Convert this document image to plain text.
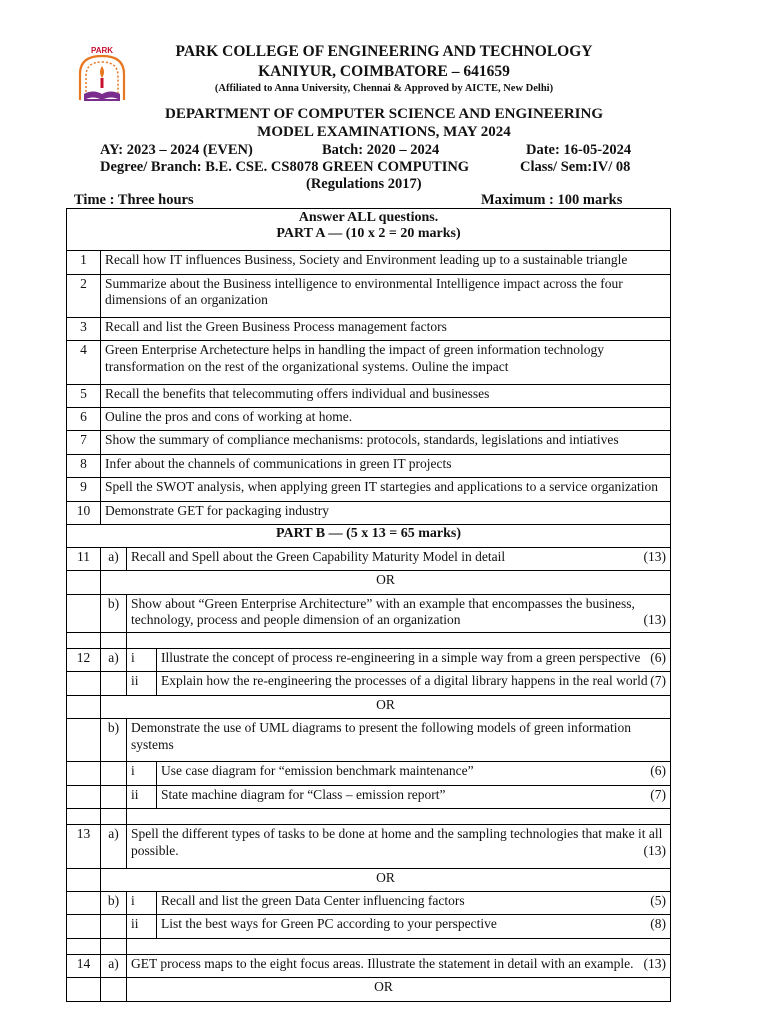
PARK	PARK COLLEGE OF ENGINEERING AND TECHNOLOGY
KANIYUR, COIMBATORE – 641659
(Affiliated to Anna University, Chennai & Approved by AICTE, New Delhi)
DEPARTMENT OF COMPUTER SCIENCE AND ENGINEERING
MODEL EXAMINATIONS, MAY 2024
AY: 2023 – 2024 (EVEN)	Batch: 2020 – 2024	Date: 16-05-2024
Degree/ Branch: B.E. CSE. CS8078 GREEN COMPUTING	Class/ Sem:IV/ 08
(Regulations 2017)
Time : Three hours	Maximum : 100 marks
Answer ALL questions.
PART A — (10 x 2 = 20 marks)			

1	Recall how IT influences Business, Society and Environment leading up to a sustainable triangle		
2	Summarize about the Business intelligence to environmental Intelligence impact across the four dimensions of an organization		
3	Recall and list the Green Business Process management factors		
4	Green Enterprise Archetecture helps in handling the impact of green information technology transformation on the rest of the organizational systems. Ouline the impact		
5	Recall the benefits that telecommuting offers individual and businesses		
6	Ouline the pros and cons of working at home.		
7	Show the summary of compliance mechanisms: protocols, standards, legislations and intiatives		
8	Infer about the channels of communications in green IT projects		
9	Spell the SWOT analysis, when applying green IT startegies and applications to a service organization		
10	Demonstrate GET for packaging industry		
PART B — (5 x 13 = 65 marks)			
11	a)	Recall and Spell about the Green Capability Maturity Model in detail (13)	

	OR		
	b)	Show about “Green Enterprise Architecture” with an example that encompasses the business, technology, process and people dimension of an organization (13)	

12	a)	i	Illustrate the concept of process re-engineering in a simple way from a green perspective (6)

		ii	Explain how the re-engineering the processes of a digital library happens in the real world (7)

	OR		
	b)	Demonstrate the use of UML diagrams to present the following models of green information systems	
		i	Use case diagram for “emission benchmark maintenance” (6)

		ii	State machine diagram for “Class – emission report” (7)

13	a)	Spell the different types of tasks to be done at home and the sampling technologies that make it all possible. (13)	

	OR		
	b)	i	Recall and list the green Data Center influencing factors (5)

		ii	List the best ways for Green PC according to your perspective (8)

14	a)	GET process maps to the eight focus areas. Illustrate the statement in detail with an example. (13)	

		OR	
